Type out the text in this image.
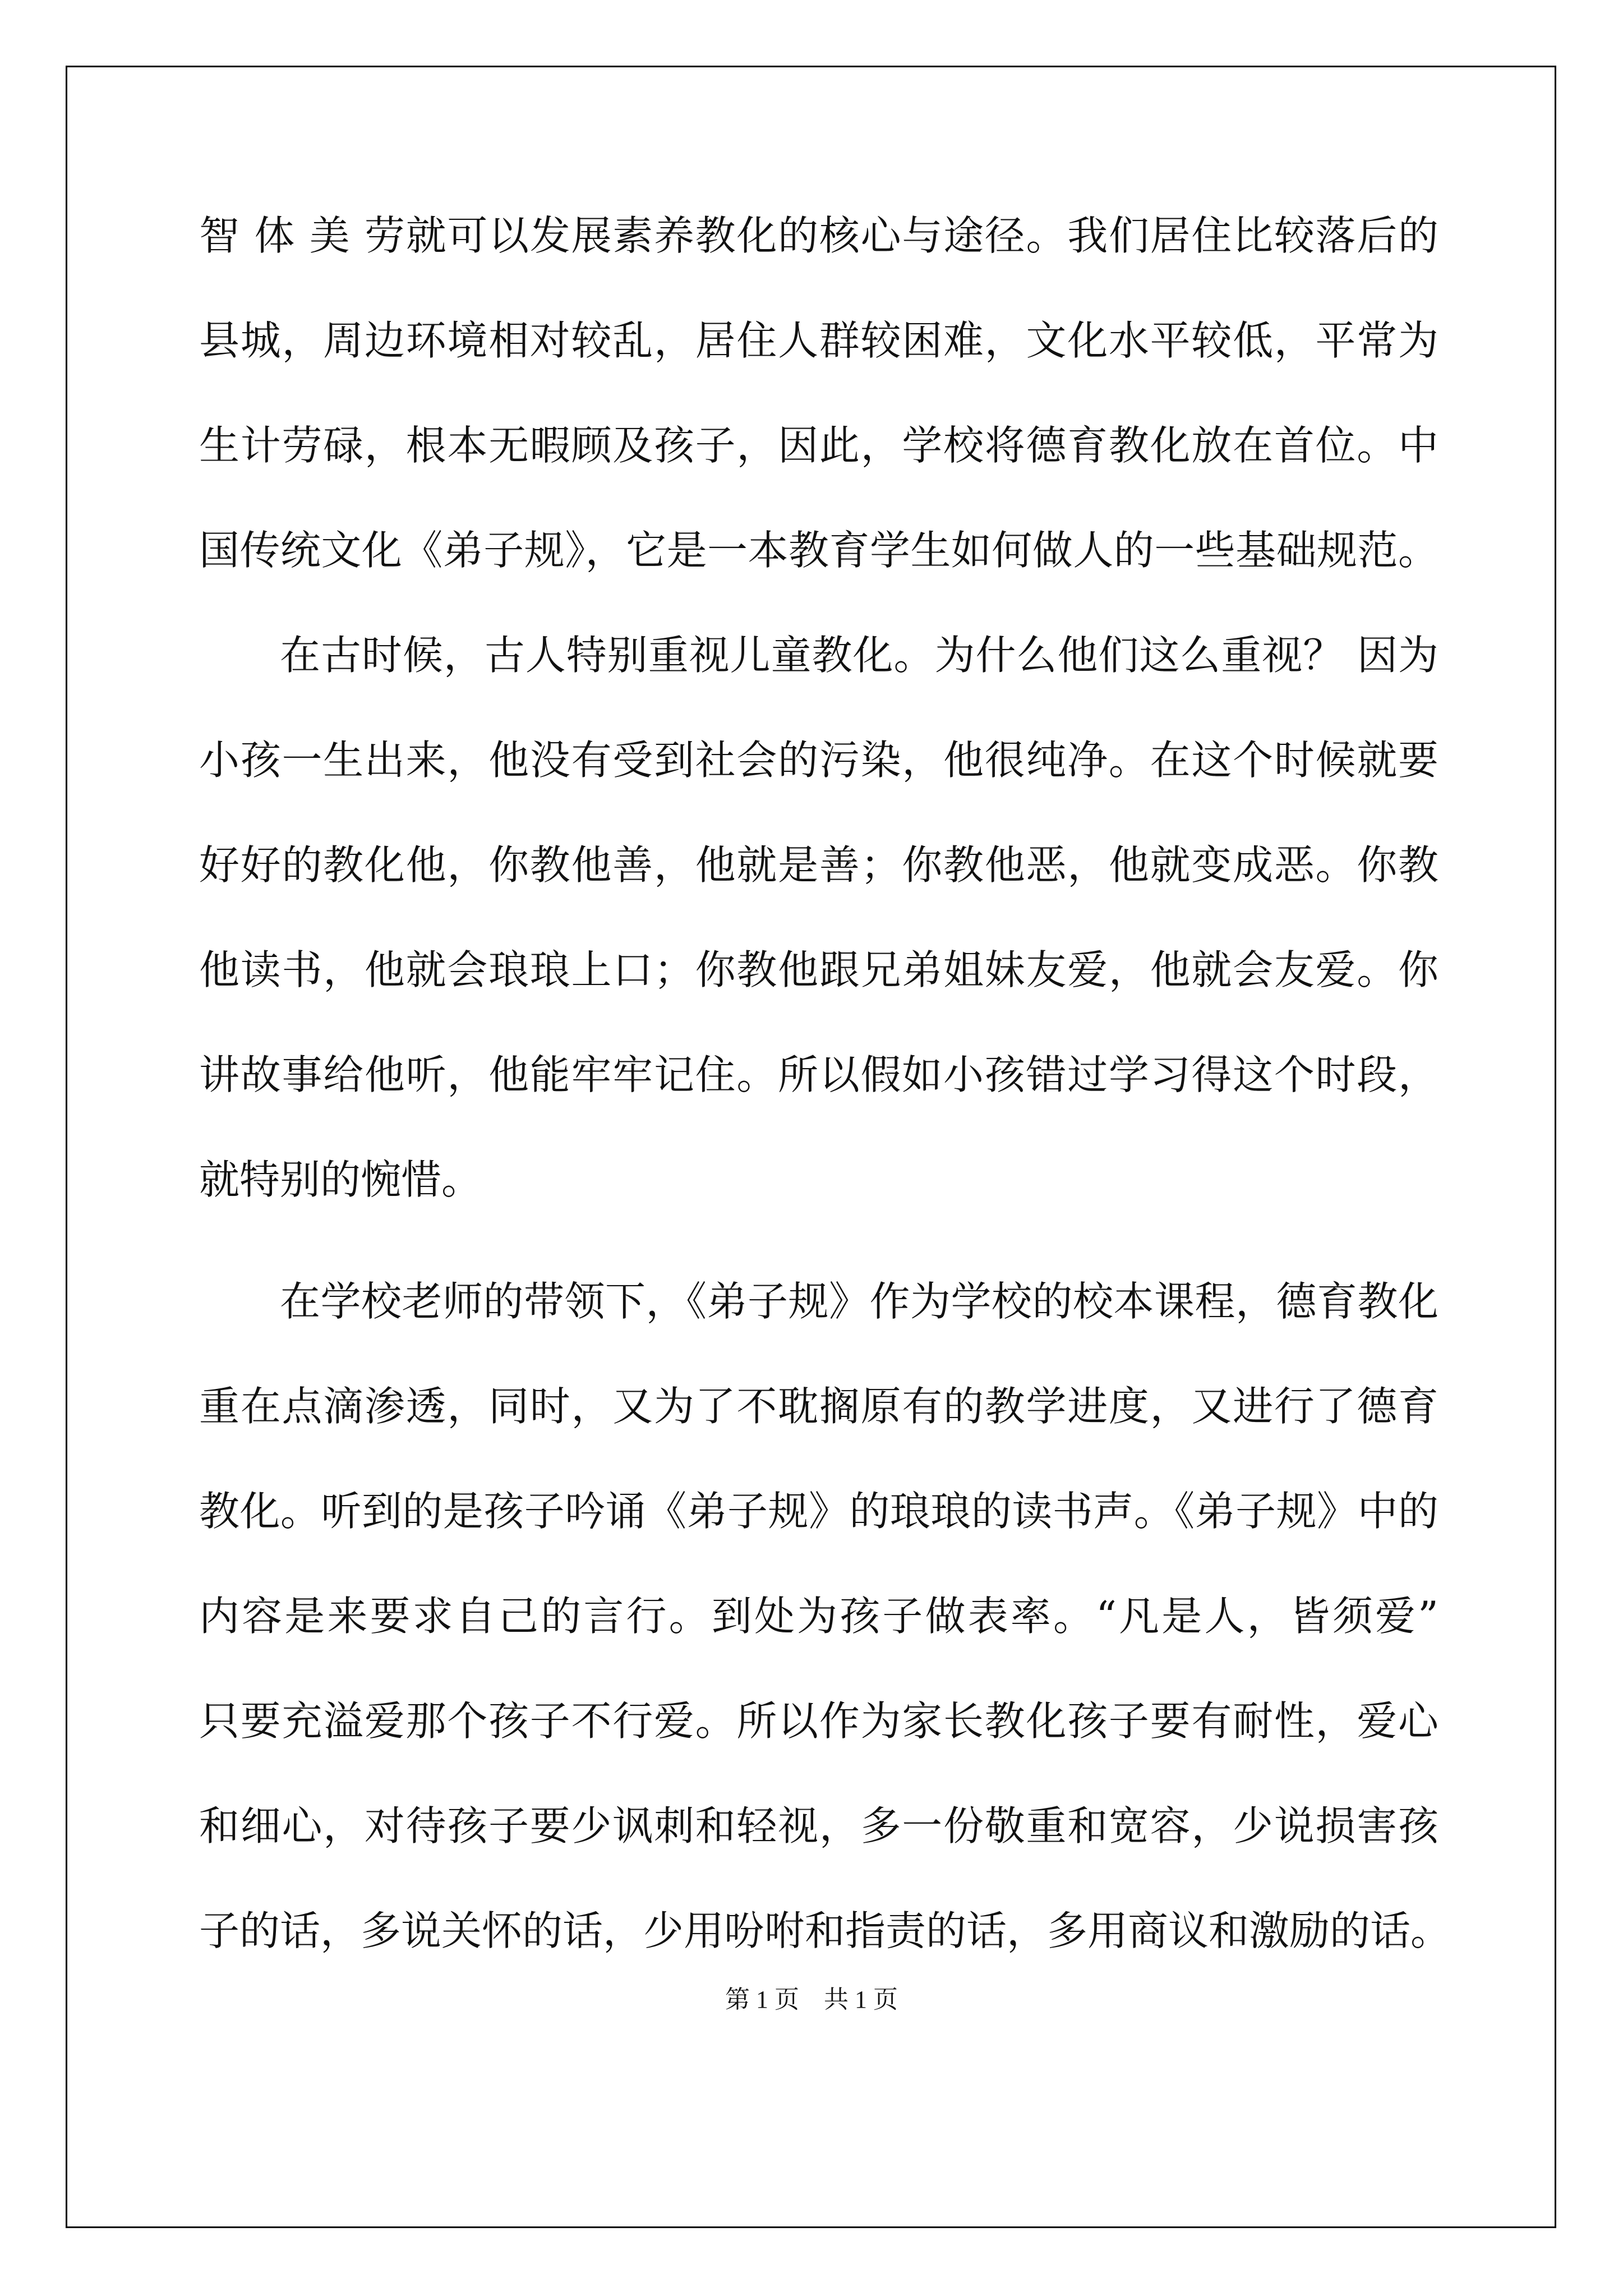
智 体 美 劳就可以发展素养教化的核心与途径。我们居住比较落后的
县城，周边环境相对较乱，居住人群较困难，文化水平较低，平常为
生计劳碌，根本无暇顾及孩子，因此，学校将德育教化放在首位。中
国传统文化《弟子规》，它是一本教育学生如何做人的一些基础规范。
在古时候，古人特别重视儿童教化。为什么他们这么重视？ 因为
小孩一生出来，他没有受到社会的污染，他很纯净。在这个时候就要
好好的教化他，你教他善，他就是善；你教他恶，他就变成恶。你教
他读书，他就会琅琅上口；你教他跟兄弟姐妹友爱，他就会友爱。你
讲故事给他听，他能牢牢记住。所以假如小孩错过学习得这个时段，
就特别的惋惜。
在学校老师的带领下，《弟子规》作为学校的校本课程，德育教化
重在点滴渗透，同时，又为了不耽搁原有的教学进度，又进行了德育
教化。听到的是孩子吟诵《弟子规》的琅琅的读书声。《弟子规》中的
内容是来要求自己的言行。到处为孩子做表率。“凡是人，皆须爱”
只要充溢爱那个孩子不行爱。所以作为家长教化孩子要有耐性，爱心
和细心，对待孩子要少讽刺和轻视，多一份敬重和宽容，少说损害孩
子的话，多说关怀的话，少用吩咐和指责的话，多用商议和激励的话。
第 1 页    共 1 页
